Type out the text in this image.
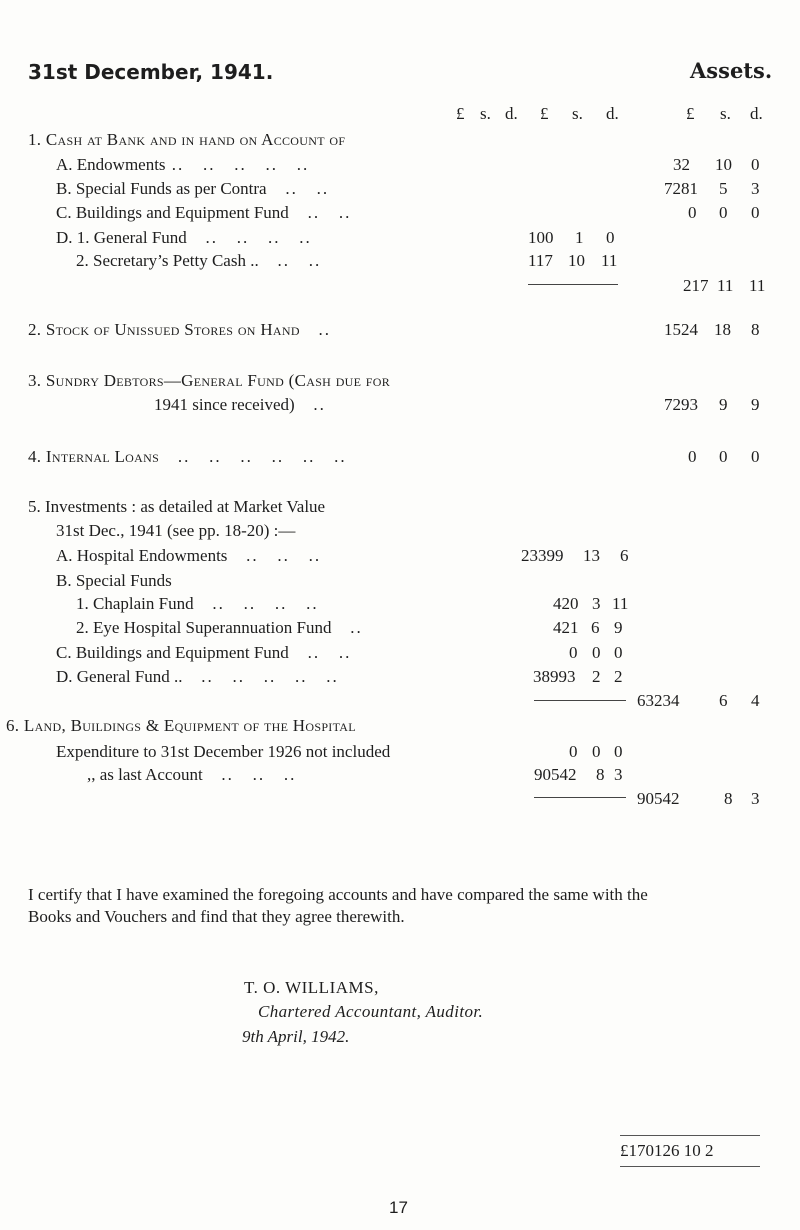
31st December, 1941.	Assets.
£ s. d. £ s. d.	£ s. d.
1. Cash at Bank and in hand on Account of
A. Endowments ..   ..   ..   ..   ..	32 10 0
B. Special Funds as per Contra   ..   ..	7281 5 3
C. Buildings and Equipment Fund   ..   ..	0 0 0
D. 1. General Fund   ..   ..   ..   ..	100 1 0
2. Secretary’s Petty Cash ..   ..   ..	117 10 11
217 11 11
2. Stock of Unissued Stores on Hand   ..	1524 18 8
3. Sundry Debtors—General Fund (Cash due for
1941 since received)   ..	7293 9 9
4. Internal Loans   ..   ..   ..   ..   ..   ..	0 0 0
5. Investments : as detailed at Market Value
31st Dec., 1941 (see pp. 18-20) :—
A. Hospital Endowments   ..   ..   ..	23399 13 6
B. Special Funds
1. Chaplain Fund   ..   ..   ..   ..	420 3 11
2. Eye Hospital Superannuation Fund   ..	421 6 9
C. Buildings and Equipment Fund   ..   ..	0 0 0
D. General Fund ..   ..   ..   ..   ..   ..	38993 2 2
63234 6 4
6. Land, Buildings & Equipment of the Hospital
Expenditure to 31st December 1926 not included	0 0 0
,, as last Account   ..   ..   ..	90542 8 3
90542	8 3
I certify that I have examined the foregoing accounts and have compared the same with the Books and Vouchers and find that they agree therewith.
T. O. WILLIAMS,
Chartered Accountant, Auditor.
9th April, 1942.
£170126 10 2
17
